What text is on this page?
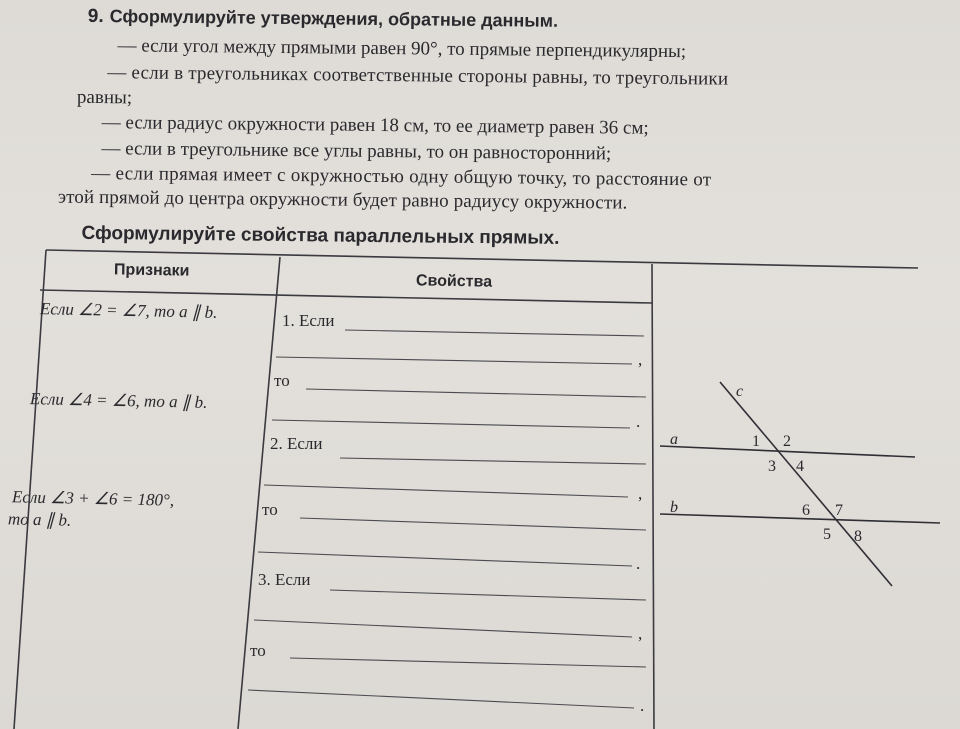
9. Сформулируйте утверждения, обратные данным.
— если угол между прямыми равен 90°, то прямые перпендикулярны;
— если в треугольниках соответственные стороны равны, то треугольники
равны;
— если радиус окружности равен 18 см, то ее диаметр равен 36 см;
— если в треугольнике все углы равны, то он равносторонний;
— если прямая имеет с окружностью одну общую точку, то расстояние от
этой прямой до центра окружности будет равно радиусу окружности.
Сформулируйте свойства параллельных прямых.
Признаки
Свойства
Если ∠2 = ∠7, то a ∥ b.
Если ∠4 = ∠6, то a ∥ b.
Если ∠3 + ∠6 = 180°,
то a ∥ b.
1. Если
,
то
.
2. Если
,
то
.
3. Если
,
то
.
c
a
b
1 2
3 4
6 7
5 8
